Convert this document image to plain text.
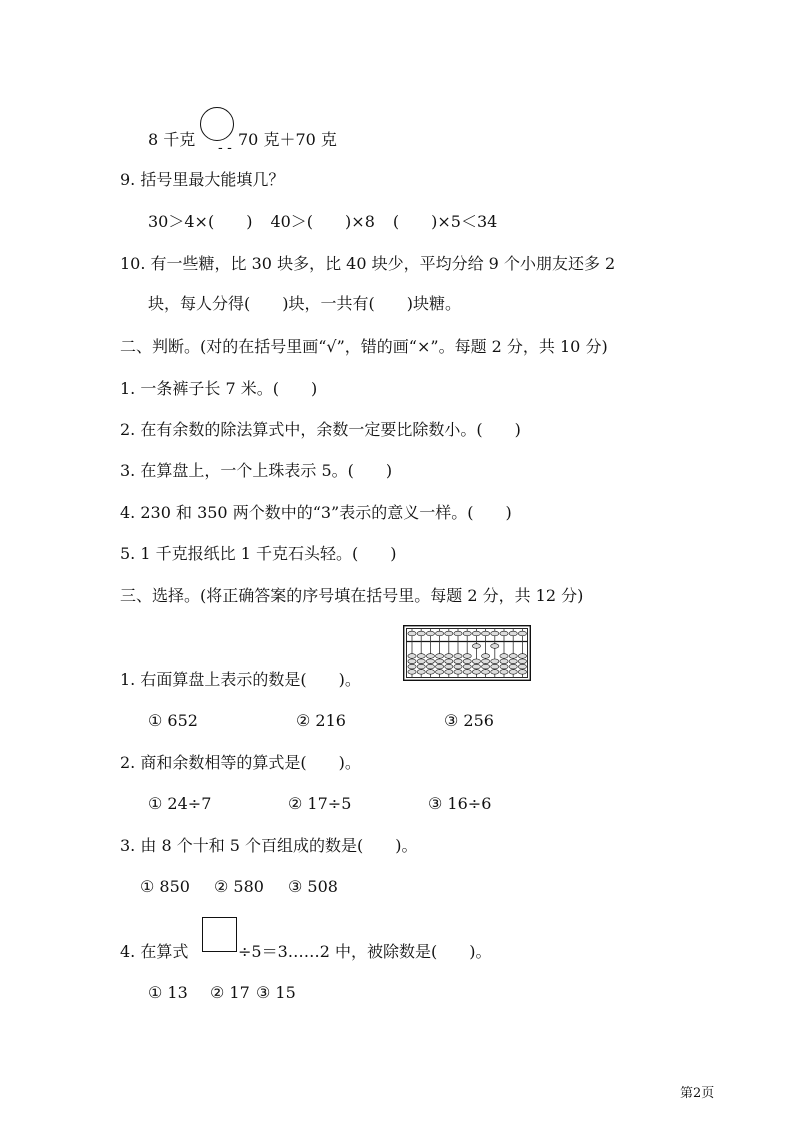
8 千克 - - 70 克＋70 克
9. 括号里最大能填几？
30＞4×(　　) 40＞(　　)×8 (　　)×5＜34
10. 有一些糖，比 30 块多，比 40 块少，平均分给 9 个小朋友还多 2
块，每人分得(　　)块，一共有(　　)块糖。
二、判断。(对的在括号里画“√”，错的画“×”。每题 2 分，共 10 分)
1. 一条裤子长 7 米。(　　)
2. 在有余数的除法算式中，余数一定要比除数小。(　　)
3. 在算盘上，一个上珠表示 5。(　　)
4. 230 和 350 两个数中的“3”表示的意义一样。(　　)
5. 1 千克报纸比 1 千克石头轻。(　　)
三、选择。(将正确答案的序号填在括号里。每题 2 分，共 12 分)
1. 右面算盘上表示的数是(　　)。
① 652	② 216	③ 256
2. 商和余数相等的算式是(　　)。
① 24÷7	② 17÷5	③ 16÷6
3. 由 8 个十和 5 个百组成的数是(　　)。
① 850 ② 580 ③ 508
4. 在算式	÷5＝3……2 中，被除数是(　　)。
① 13 ② 17 ③ 15
第2页
